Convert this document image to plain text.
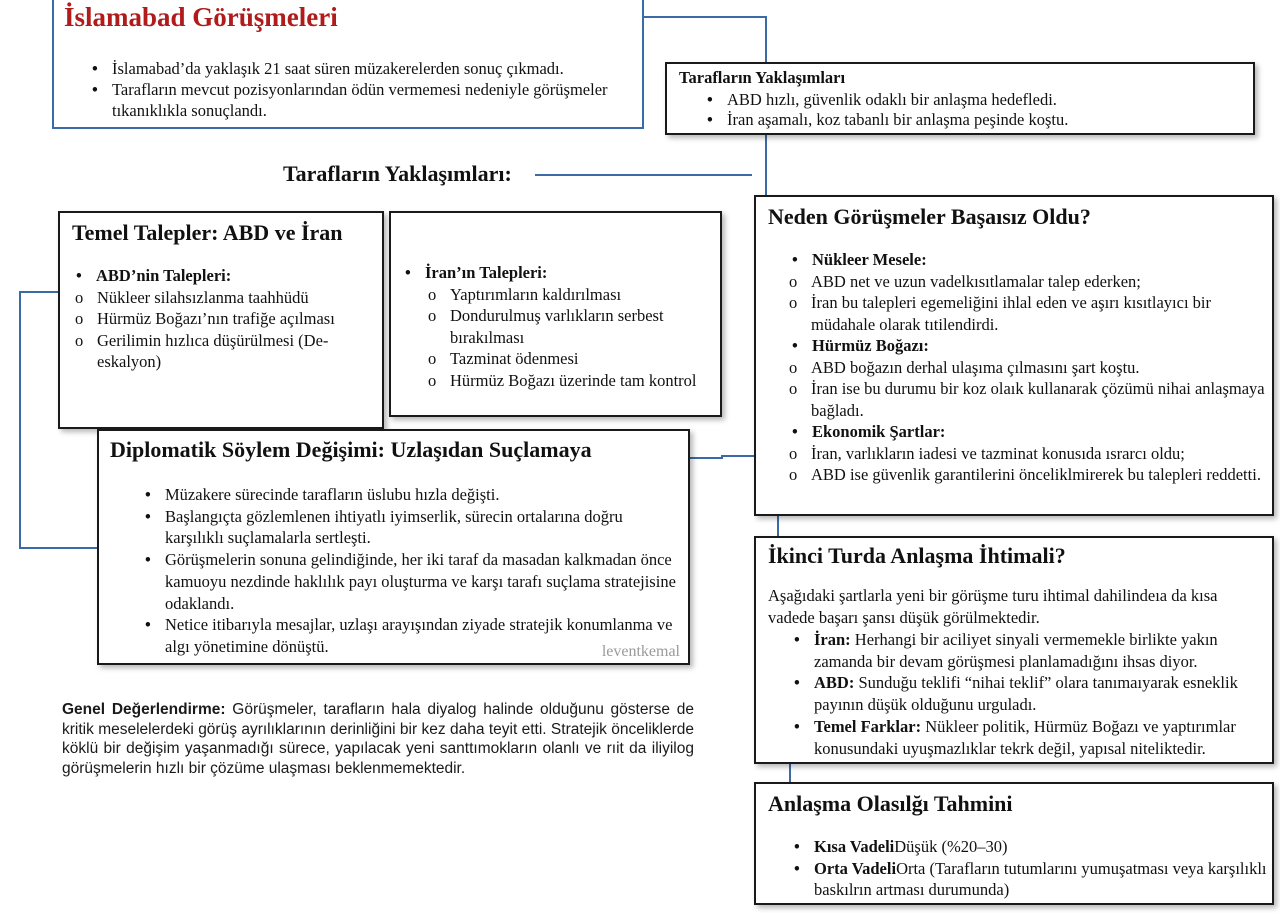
İslamabad Görüşmeleri
• İslamabad’da yaklaşık 21 saat süren müzakerelerden sonuç çıkmadı.
• Tarafların mevcut pozisyonlarından ödün vermemesi nedeniyle görüşmeler tıkanıklıkla sonuçlandı.
Tarafların Yaklaşımları
• ABD hızlı, güvenlik odaklı bir anlaşma hedefledi.
• İran aşamalı, koz tabanlı bir anlaşma peşinde koştu.
Tarafların Yaklaşımları:
Temel Talepler: ABD ve İran
• ABD’nin Talepleri:
o Nükleer silahsızlanma taahhüdü
o Hürmüz Boğazı’nın trafiğe açılması
o Gerilimin hızlıca düşürülmesi (De-eskalyon)
• İran’ın Talepleri:
o Yaptırımların kaldırılması
o Dondurulmuş varlıkların serbest bırakılması
o Tazminat ödenmesi
o Hürmüz Boğazı üzerinde tam kontrol
Diplomatik Söylem Değişimi: Uzlaşıdan Suçlamaya
• Müzakere sürecinde tarafların üslubu hızla değişti.
• Başlangıçta gözlemlenen ihtiyatlı iyimserlik, sürecin ortalarına doğru karşılıklı suçlamalarla sertleşti.
• Görüşmelerin sonuna gelindiğinde, her iki taraf da masadan kalkmadan önce kamuoyu nezdinde haklılık payı oluşturma ve karşı tarafı suçlama stratejisine odaklandı.
• Netice itibarıyla mesajlar, uzlaşı arayışından ziyade stratejik konumlanma ve algı yönetimine dönüştü.	leventkemal
Neden Görüşmeler Başaısız Oldu?
• Nükleer Mesele:
o ABD net ve uzun vadelkısıtlamalar talep ederken;
o İran bu talepleri egemeliğini ihlal eden ve aşırı kısıtlayıcı bir müdahale olarak tıtilendirdi.
• Hürmüz Boğazı:
o ABD boğazın derhal ulaşıma çılmasını şart koştu.
o İran ise bu durumu bir koz olaık kullanarak çözümü nihai anlaşmaya bağladı.
• Ekonomik Şartlar:
o İran, varlıkların iadesi ve tazminat konusıda ısrarcı oldu;
o ABD ise güvenlik garantilerini önceliklmirerek bu talepleri reddetti.
İkinci Turda Anlaşma İhtimali?
Aşağıdaki şartlarla yeni bir görüşme turu ihtimal dahilindeıa da kısa vadede başarı şansı düşük görülmektedir.
• İran: Herhangi bir aciliyet sinyali vermemekle birlikte yakın zamanda bir devam görüşmesi planlamadığını ihsas diyor.
• ABD: Sunduğu teklifi “nihai teklif” olara tanımaıyarak esneklik payının düşük olduğunu urguladı.
• Temel Farklar: Nükleer politik, Hürmüz Boğazı ve yaptırımlar konusundaki uyuşmazlıklar tekrk değil, yapısal niteliktedir.
Anlaşma Olasılğı Tahmini
• Kısa VadeliDüşük (%20–30)
• Orta VadeliOrta (Tarafların tutumlarını yumuşatması veya karşılıklı baskılrın artması durumunda)
Genel Değerlendirme: Görüşmeler, tarafların hala diyalog halinde olduğunu gösterse de kritik meselelerdeki görüş ayrılıklarının derinliğini bir kez daha teyit etti. Stratejik önceliklerde köklü bir değişim yaşanmadığı sürece, yapılacak yeni santtımokların olanlı ve rıit da iliyilog görüşmelerin hızlı bir çözüme ulaşması beklenmemektedir.
